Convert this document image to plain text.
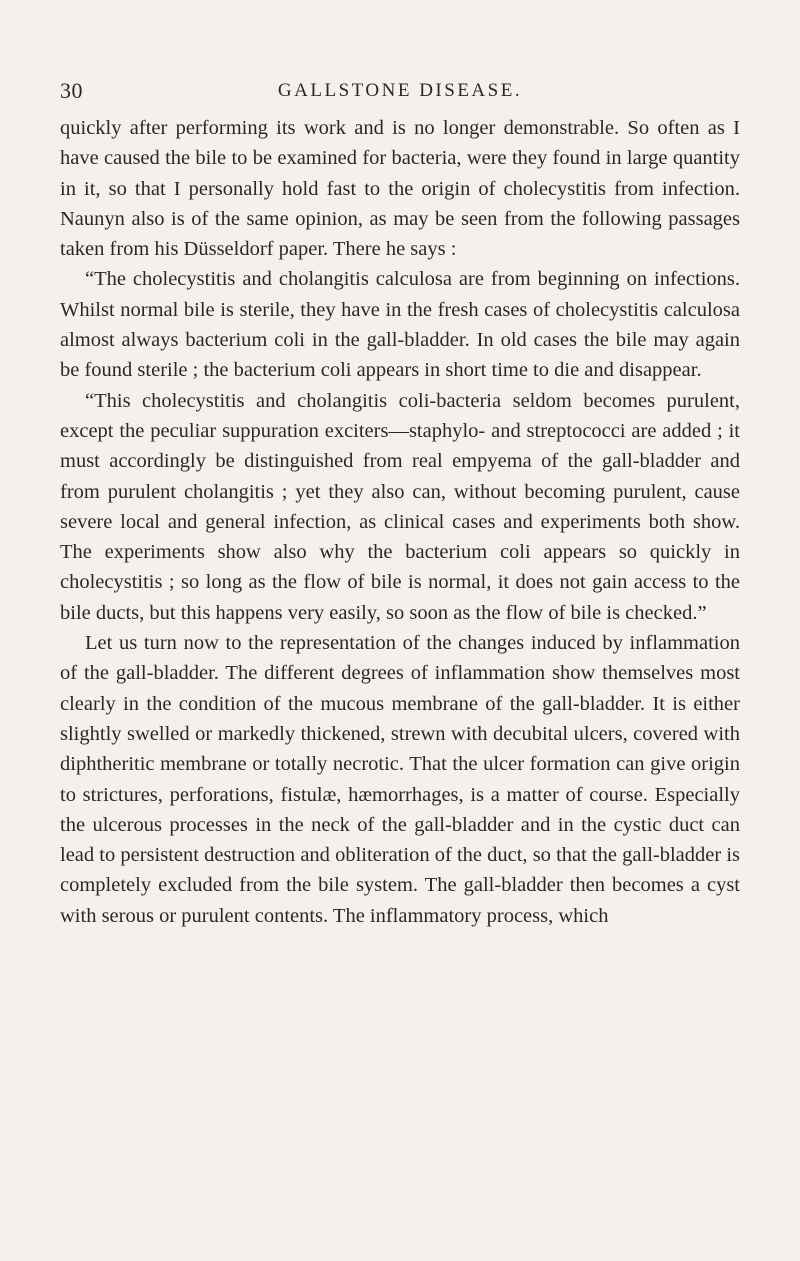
30	GALLSTONE DISEASE.

quickly after performing its work and is no longer demonstrable. So often as I have caused the bile to be examined for bacteria, were they found in large quantity in it, so that I personally hold fast to the origin of cholecystitis from infection. Naunyn also is of the same opinion, as may be seen from the following passages taken from his Düsseldorf paper. There he says :

“The cholecystitis and cholangitis calculosa are from beginning on infections. Whilst normal bile is sterile, they have in the fresh cases of cholecystitis calculosa almost always bacterium coli in the gall-bladder. In old cases the bile may again be found sterile ; the bacterium coli appears in short time to die and disappear.

“This cholecystitis and cholangitis coli-bacteria seldom becomes purulent, except the peculiar suppuration exciters—staphylo- and streptococci are added ; it must accordingly be distinguished from real empyema of the gall-bladder and from purulent cholangitis ; yet they also can, without becoming purulent, cause severe local and general infection, as clinical cases and experiments both show. The experiments show also why the bacterium coli appears so quickly in cholecystitis ; so long as the flow of bile is normal, it does not gain access to the bile ducts, but this happens very easily, so soon as the flow of bile is checked.”

Let us turn now to the representation of the changes induced by inflammation of the gall-bladder. The different degrees of inflammation show themselves most clearly in the condition of the mucous membrane of the gall-bladder. It is either slightly swelled or markedly thickened, strewn with decubital ulcers, covered with diphtheritic membrane or totally necrotic. That the ulcer formation can give origin to strictures, perforations, fistulæ, hæmorrhages, is a matter of course. Especially the ulcerous processes in the neck of the gall-bladder and in the cystic duct can lead to persistent destruction and obliteration of the duct, so that the gall-bladder is completely excluded from the bile system. The gall-bladder then becomes a cyst with serous or purulent contents. The inflammatory process, which
